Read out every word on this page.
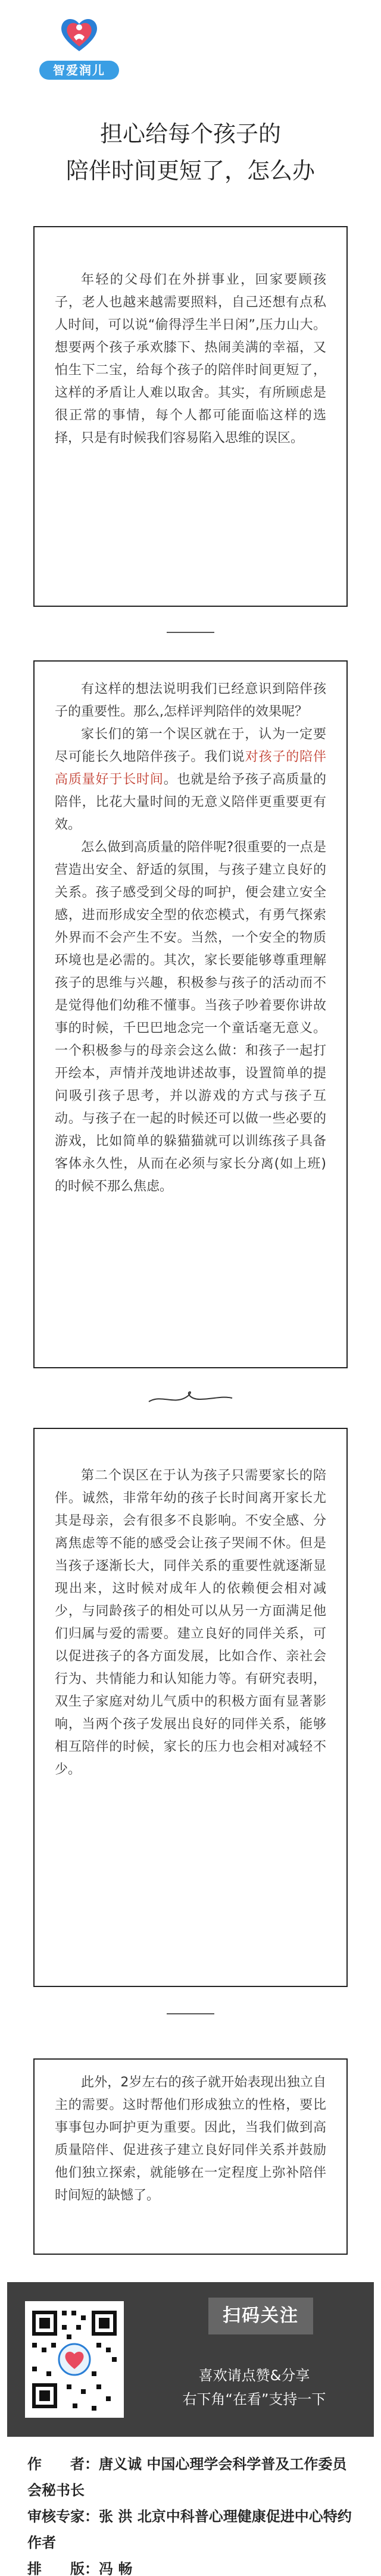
智爱润儿
担心给每个孩子的
陪伴时间更短了，怎么办

年轻的父母们在外拼事业，回家要顾孩子，老人也越来越需要照料，自己还想有点私人时间，可以说“偷得浮生半日闲”,压力山大。想要两个孩子承欢膝下、热闹美满的幸福，又怕生下二宝，给每个孩子的陪伴时间更短了，这样的矛盾让人难以取舍。其实，有所顾虑是很正常的事情，每个人都可能面临这样的选择，只是有时候我们容易陷入思维的误区。

有这样的想法说明我们已经意识到陪伴孩子的重要性。那么,怎样评判陪伴的效果呢？

家长们的第一个误区就在于，认为一定要尽可能长久地陪伴孩子。我们说对孩子的陪伴高质量好于长时间。也就是给予孩子高质量的陪伴，比花大量时间的无意义陪伴更重要更有效。

怎么做到高质量的陪伴呢?很重要的一点是营造出安全、舒适的氛围，与孩子建立良好的关系。孩子感受到父母的呵护，便会建立安全感，进而形成安全型的依恋模式，有勇气探索外界而不会产生不安。当然，一个安全的物质环境也是必需的。其次，家长要能够尊重理解孩子的思维与兴趣，积极参与孩子的活动而不是觉得他们幼稚不懂事。当孩子吵着要你讲故事的时候，千巴巴地念完一个童话毫无意义。一个积极参与的母亲会这么做：和孩子一起打开绘本，声情并茂地讲述故事，设置简单的提问吸引孩子思考，并以游戏的方式与孩子互动。与孩子在一起的时候还可以做一些必要的游戏，比如简单的躲猫猫就可以训练孩子具备客体永久性，从而在必须与家长分离(如上班)的时候不那么焦虑。

第二个误区在于认为孩子只需要家长的陪伴。诚然，非常年幼的孩子长时间离开家长尤其是母亲，会有很多不良影响。不安全感、分离焦虑等不能的感受会让孩子哭闹不休。但是当孩子逐渐长大，同伴关系的重要性就逐渐显现出来，这时候对成年人的依赖便会相对减少，与同龄孩子的相处可以从另一方面满足他们归属与爱的需要。建立良好的同伴关系，可以促进孩子的各方面发展，比如合作、亲社会行为、共情能力和认知能力等。有研究表明，双生子家庭对幼儿气质中的积极方面有显著影响，当两个孩子发展出良好的同伴关系，能够相互陪伴的时候，家长的压力也会相对减轻不少。

此外，2岁左右的孩子就开始表现出独立自主的需要。这时帮他们形成独立的性格，要比事事包办呵护更为重要。因此，当我们做到高质量陪伴、促进孩子建立良好同伴关系并鼓励他们独立探索，就能够在一定程度上弥补陪伴时间短的缺憾了。

扫码关注
喜欢请点赞&分享
右下角“在看”支持一下
作　　者：唐义诚 中国心理学会科学普及工作委员会秘书长
审核专家：张 洪 北京中科普心理健康促进中心特约作者
排　　版：冯 畅
